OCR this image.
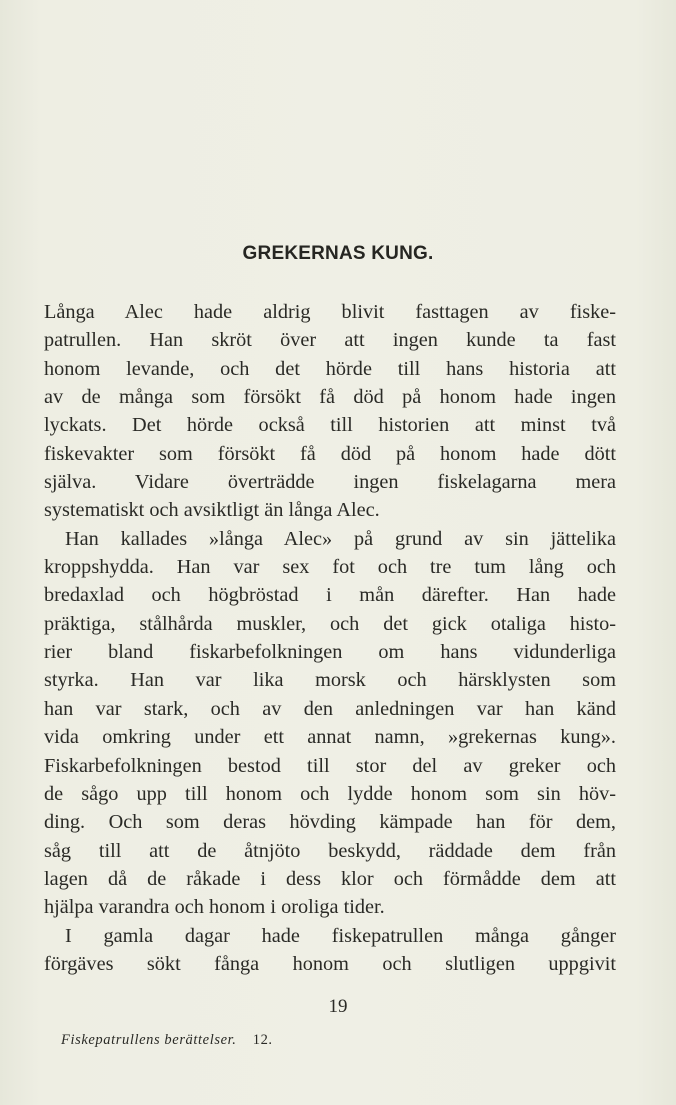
GREKERNAS KUNG.
Långa Alec hade aldrig blivit fasttagen av fiske-
patrullen. Han skröt över att ingen kunde ta fast
honom levande, och det hörde till hans historia att
av de många som försökt få död på honom hade ingen
lyckats. Det hörde också till historien att minst två
fiskevakter som försökt få död på honom hade dött
själva. Vidare överträdde ingen fiskelagarna mera
systematiskt och avsiktligt än långa Alec.
Han kallades »långa Alec» på grund av sin jättelika
kroppshydda. Han var sex fot och tre tum lång och
bredaxlad och högbröstad i mån därefter. Han hade
präktiga, stålhårda muskler, och det gick otaliga histo-
rier bland fiskarbefolkningen om hans vidunderliga
styrka. Han var lika morsk och härsklysten som
han var stark, och av den anledningen var han känd
vida omkring under ett annat namn, »grekernas kung».
Fiskarbefolkningen bestod till stor del av greker och
de sågo upp till honom och lydde honom som sin höv-
ding. Och som deras hövding kämpade han för dem,
såg till att de åtnjöto beskydd, räddade dem från
lagen då de råkade i dess klor och förmådde dem att
hjälpa varandra och honom i oroliga tider.
I gamla dagar hade fiskepatrullen många gånger
förgäves sökt fånga honom och slutligen uppgivit
19
Fiskepatrullens berättelser. 12.
